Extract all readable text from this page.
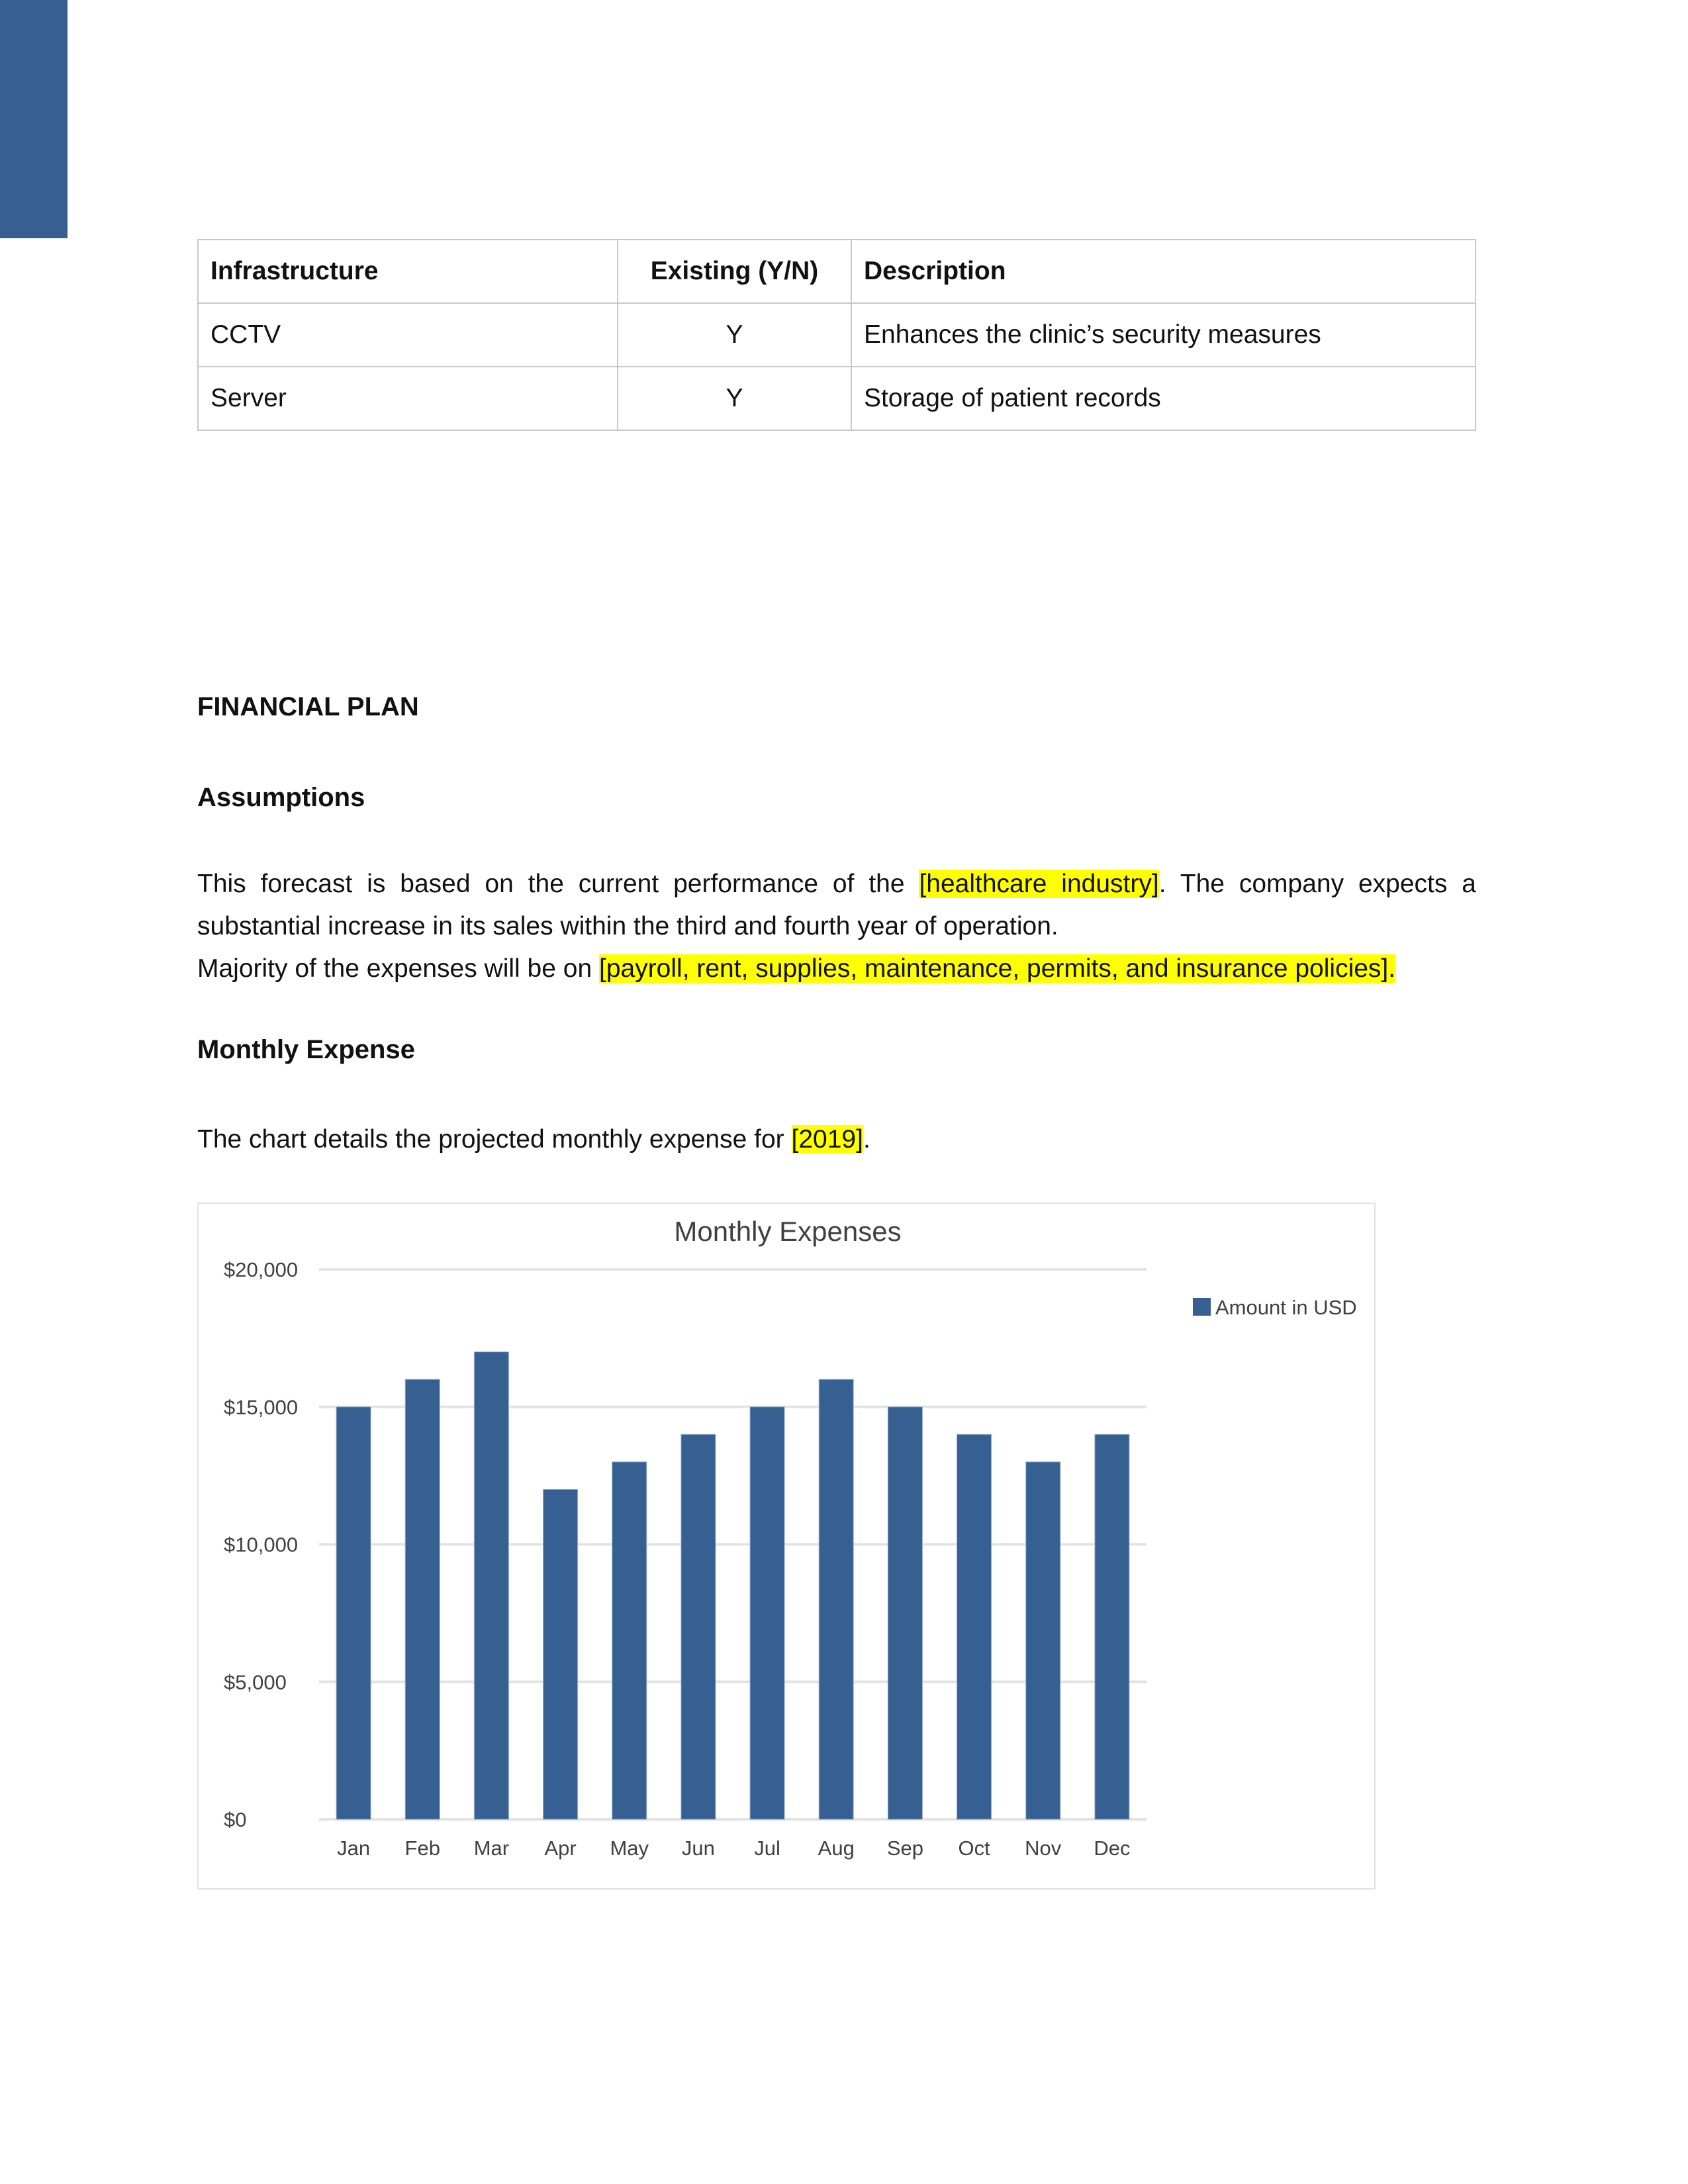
Infrastructure	Existing (Y/N)	Description
CCTV	Y	Enhances the clinic’s security measures
Server	Y	Storage of patient records
FINANCIAL PLAN
Assumptions

This forecast is based on the current performance of the [healthcare industry]. The company expects a

substantial increase in its sales within the third and fourth year of operation.

Majority of the expenses will be on [payroll, rent, supplies, maintenance, permits, and insurance policies].

Monthly Expense

The chart details the projected monthly expense for [2019].

Monthly Expenses
$0
$5,000
$10,000
$15,000
$20,000
Jan Feb Mar Apr May Jun Jul Aug Sep Oct Nov Dec
Amount in USD
